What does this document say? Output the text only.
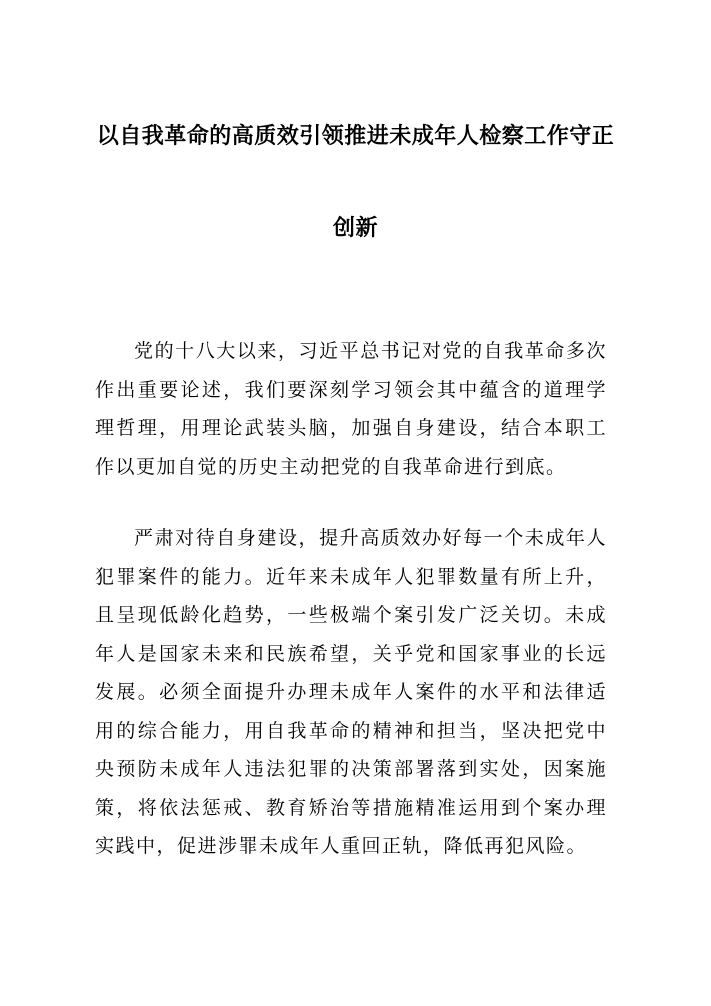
以自我革命的高质效引领推进未成年人检察工作守正
创新

党的十八大以来，习近平总书记对党的自我革命多次作出重要论述，我们要深刻学习领会其中蕴含的道理学理哲理，用理论武装头脑，加强自身建设，结合本职工作以更加自觉的历史主动把党的自我革命进行到底。

严肃对待自身建设，提升高质效办好每一个未成年人犯罪案件的能力。近年来未成年人犯罪数量有所上升，且呈现低龄化趋势，一些极端个案引发广泛关切。未成年人是国家未来和民族希望，关乎党和国家事业的长远发展。必须全面提升办理未成年人案件的水平和法律适用的综合能力，用自我革命的精神和担当，坚决把党中央预防未成年人违法犯罪的决策部署落到实处，因案施策，将依法惩戒、教育矫治等措施精准运用到个案办理实践中，促进涉罪未成年人重回正轨，降低再犯风险。
